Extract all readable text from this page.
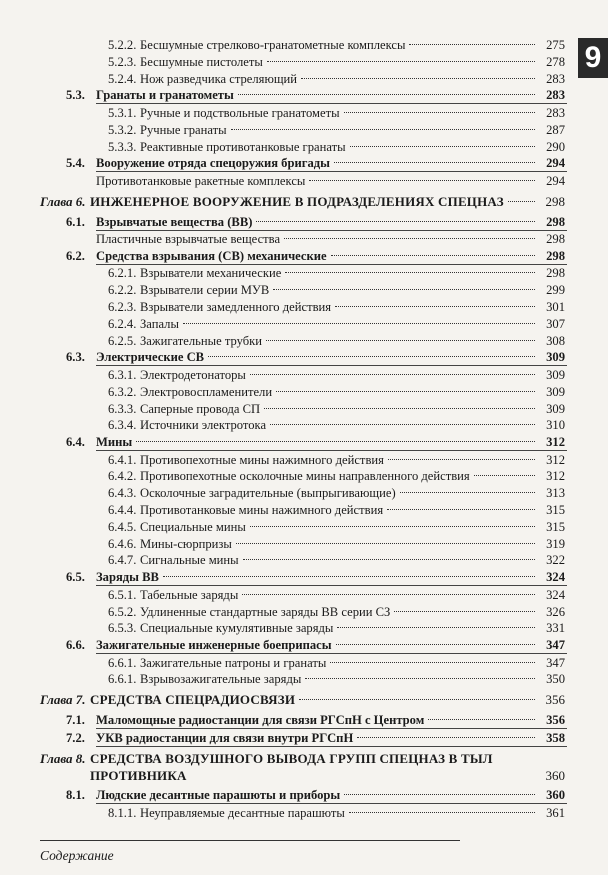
9
5.2.2. Бесшумные стрелково-гранатометные комплексы	275
5.2.3. Бесшумные пистолеты	278
5.2.4. Нож разведчика стреляющий	283
5.3. Гранаты и гранатометы	283
5.3.1. Ручные и подствольные гранатометы	283
5.3.2. Ручные гранаты	287
5.3.3. Реактивные противотанковые гранаты	290
5.4. Вооружение отряда спецоружия бригады	294
Противотанковые ракетные комплексы	294
Глава 6. ИНЖЕНЕРНОЕ ВООРУЖЕНИЕ В ПОДРАЗДЕЛЕНИЯХ СПЕЦНАЗ	298
6.1. Взрывчатые вещества (ВВ)	298
Пластичные взрывчатые вещества	298
6.2. Средства взрывания (СВ) механические	298
6.2.1. Взрыватели механические	298
6.2.2. Взрыватели серии МУВ	299
6.2.3. Взрыватели замедленного действия	301
6.2.4. Запалы	307
6.2.5. Зажигательные трубки	308
6.3. Электрические СВ	309
6.3.1. Электродетонаторы	309
6.3.2. Электровоспламенители	309
6.3.3. Саперные провода СП	309
6.3.4. Источники электротока	310
6.4. Мины	312
6.4.1. Противопехотные мины нажимного действия	312
6.4.2. Противопехотные осколочные мины направленного действия	312
6.4.3. Осколочные заградительные (выпрыгивающие)	313
6.4.4. Противотанковые мины нажимного действия	315
6.4.5. Специальные мины	315
6.4.6. Мины-сюрпризы	319
6.4.7. Сигнальные мины	322
6.5. Заряды ВВ	324
6.5.1. Табельные заряды	324
6.5.2. Удлиненные стандартные заряды ВВ серии СЗ	326
6.5.3. Специальные кумулятивные заряды	331
6.6. Зажигательные инженерные боеприпасы	347
6.6.1. Зажигательные патроны и гранаты	347
6.6.1. Взрывозажигательные заряды	350
Глава 7. СРЕДСТВА СПЕЦРАДИОСВЯЗИ	356
7.1. Маломощные радиостанции для связи РГСпН с Центром	356
7.2. УКВ радиостанции для связи внутри РГСпН	358
Глава 8. СРЕДСТВА ВОЗДУШНОГО ВЫВОДА ГРУПП СПЕЦНАЗ В ТЫЛ
ПРОТИВНИКА	360
8.1. Людские десантные парашюты и приборы	360
8.1.1. Неуправляемые десантные парашюты	361
Содержание
